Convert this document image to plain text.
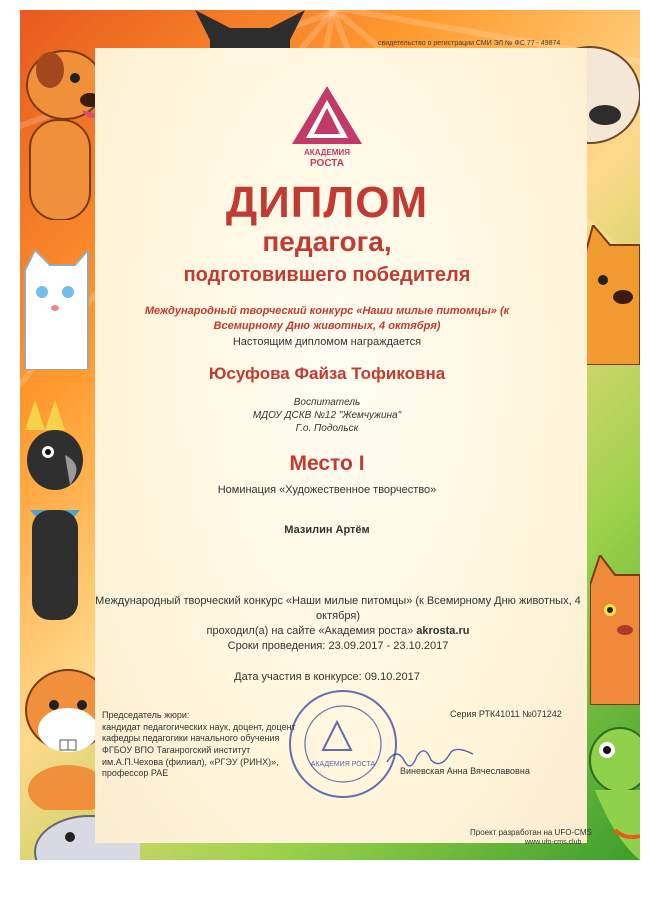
свидетельство о регистрации СМИ ЭЛ № ФС 77 - 49874
АКАДЕМИЯ
РОСТА
ДИПЛОМ
педагога,
подготовившего победителя
Международный творческий конкурс «Наши милые питомцы» (к
Всемирному Дню животных, 4 октября)
Настоящим дипломом награждается
Юсуфова Файза Тофиковна
Воспитатель
МДОУ ДСКВ №12 "Жемчужина"
Г.о. Подольск
Место I
Номинация «Художественное творчество»
Мазилин Артём
Международный творческий конкурс «Наши милые питомцы» (к Всемирному Дню животных, 4
октября)
проходил(а) на сайте «Академия роста» akrosta.ru
Сроки проведения: 23.09.2017 - 23.10.2017
Дата участия в конкурсе: 09.10.2017
Председатель жюри:
кандидат педагогических наук, доцент, доцент кафедры педагогики начального обучения ФГБОУ ВПО Таганрогский институт им.А.П.Чехова (филиал), «РГЭУ (РИНХ)», профессор РАЕ
АКАДЕМИЯ РОСТА
Серия РТК41011 №071242
Виневская Анна Вячеславовна
Проект разработан на UFO-CMS
www.ufo-cms.club
